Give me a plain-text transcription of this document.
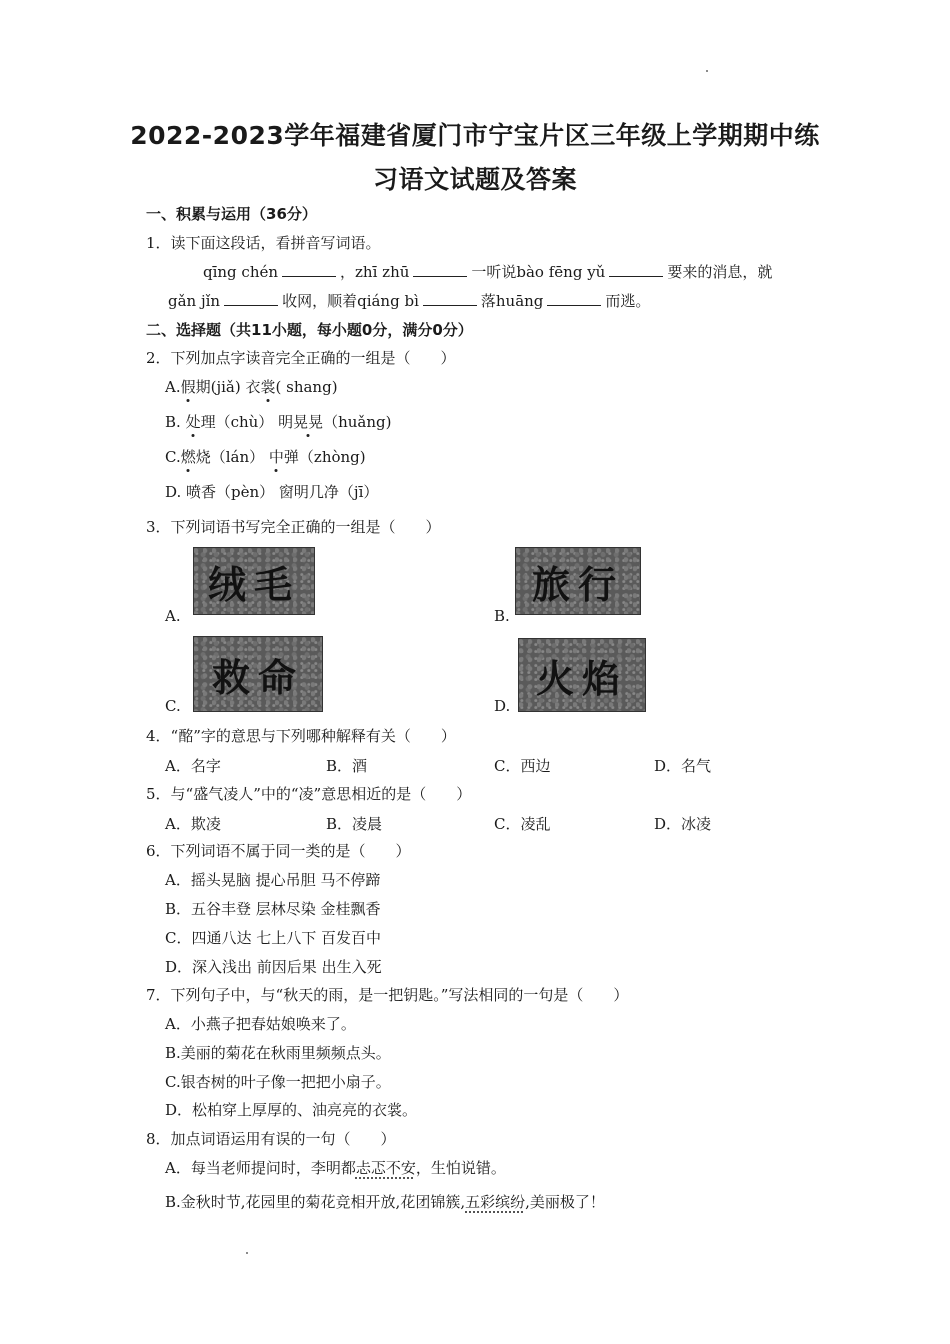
2022-2023学年福建省厦门市宁宝片区三年级上学期期中练
习语文试题及答案
一、积累与运用（36分）
1．读下面这段话，看拼音写词语。
qīng chén	，zhī zhū	一听说bào fēng yǔ	要来的消息，就
gǎn jǐn	收网，顺着qiáng bì	落huāng	而逃。
二、选择题（共11小题，每小题0分，满分0分）
2．下列加点字读音完全正确的一组是（　　）
A.假期(jiǎ) 衣裳( shang)
B. 处理（chù） 明晃晃（huǎng)
C.燃烧（lán） 中弹（zhòng)
D. 喷香（pèn） 窗明几净（jī）
3．下列词语书写完全正确的一组是（　　）
绒毛
A.
旅行
B.
救命
C.
火焰
D.
4．“酩”字的意思与下列哪种解释有关（　　）
A．名字	B．酒	C．西边	D．名气
5．与“盛气凌人”中的“凌”意思相近的是（　　）
A．欺凌	B．凌晨	C．凌乱	D．冰凌
6．下列词语不属于同一类的是（　　）
A．摇头晃脑 提心吊胆 马不停蹄
B．五谷丰登 层林尽染 金桂飘香
C．四通八达 七上八下 百发百中
D．深入浅出 前因后果 出生入死
7．下列句子中，与“秋天的雨，是一把钥匙。”写法相同的一句是（　　）
A．小燕子把春姑娘唤来了。
B.美丽的菊花在秋雨里频频点头。
C.银杏树的叶子像一把把小扇子。
D．松柏穿上厚厚的、油亮亮的衣裳。
8．加点词语运用有误的一句（　　）
A．每当老师提问时，李明都忐忑不安，生怕说错。
B.金秋时节,花园里的菊花竞相开放,花团锦簇,五彩缤纷,美丽极了！
